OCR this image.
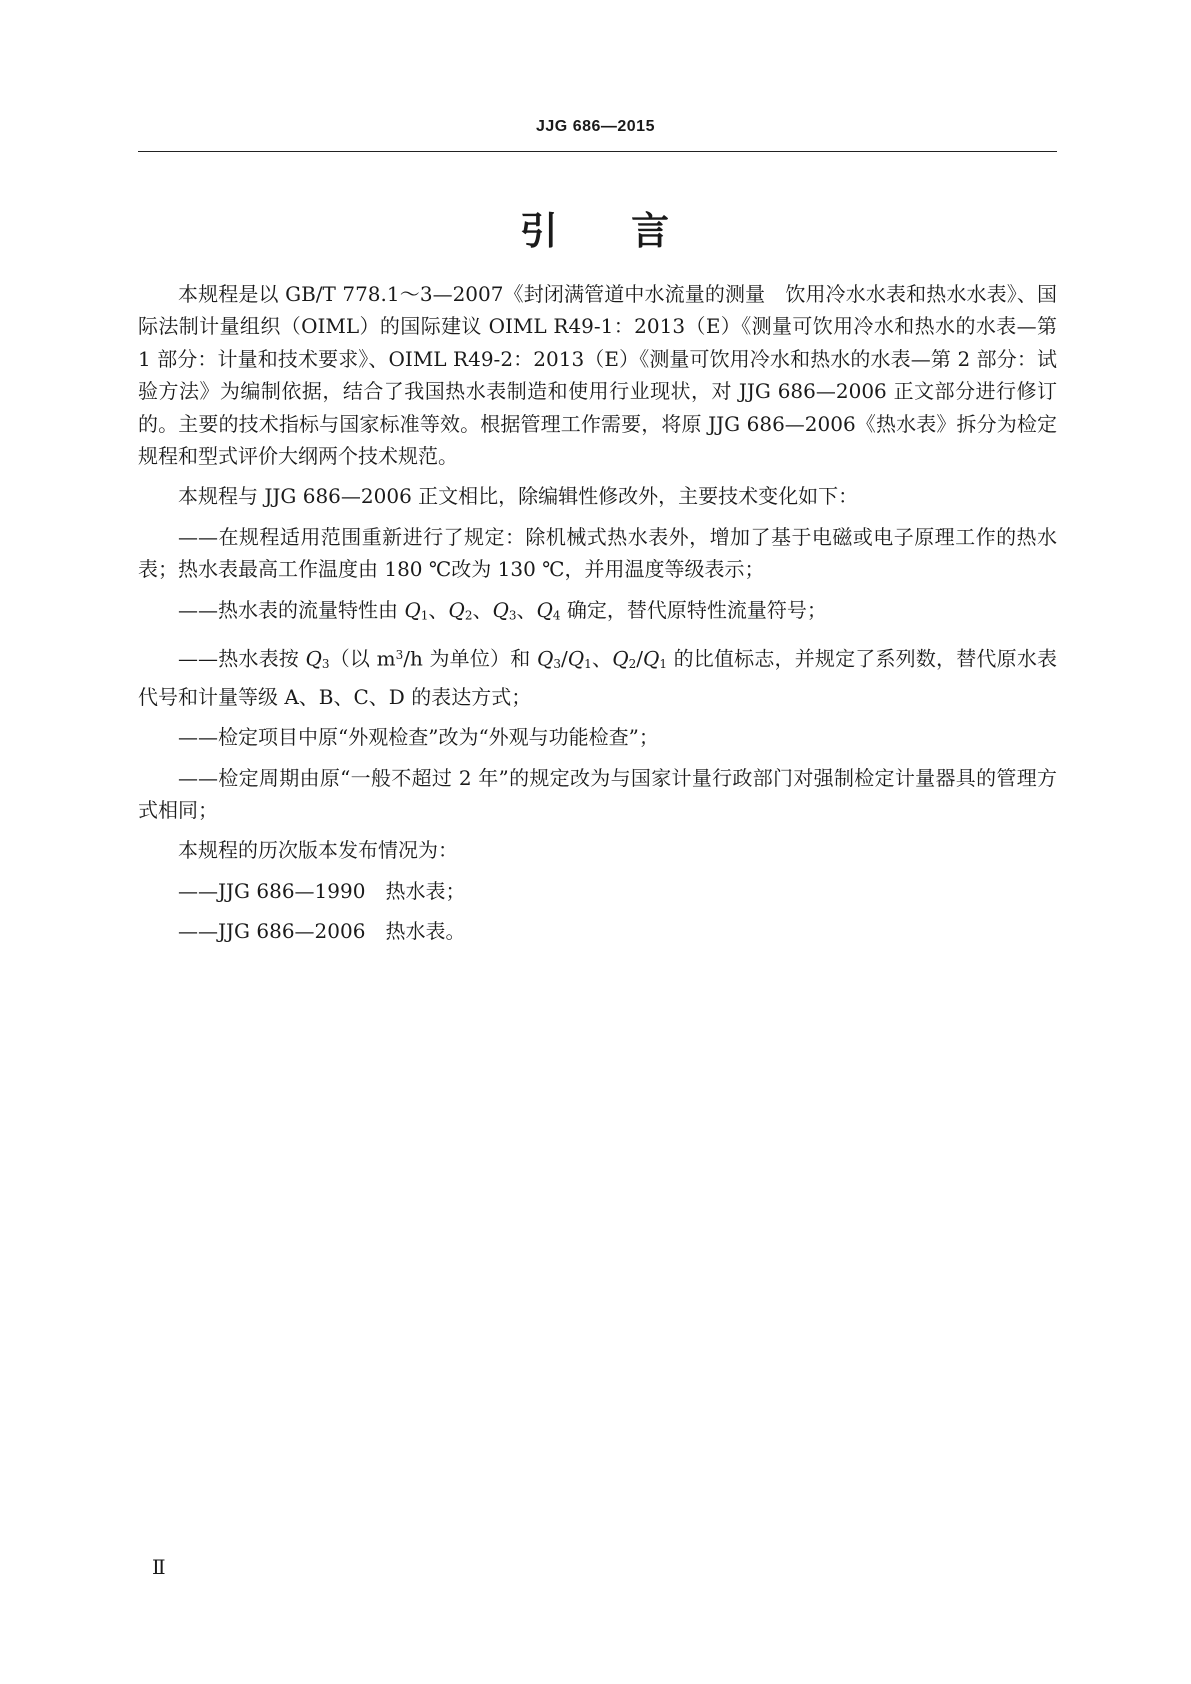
JJG 686—2015
引 言

本规程是以 GB/T 778.1～3—2007《封闭满管道中水流量的测量　饮用冷水水表和热水水表》、国际法制计量组织（OIML）的国际建议 OIML R49-1：2013（E）《测量可饮用冷水和热水的水表—第 1 部分：计量和技术要求》、OIML R49-2：2013（E）《测量可饮用冷水和热水的水表—第 2 部分：试验方法》为编制依据，结合了我国热水表制造和使用行业现状，对 JJG 686—2006 正文部分进行修订的。主要的技术指标与国家标准等效。根据管理工作需要，将原 JJG 686—2006《热水表》拆分为检定规程和型式评价大纲两个技术规范。

本规程与 JJG 686—2006 正文相比，除编辑性修改外，主要技术变化如下：

——在规程适用范围重新进行了规定：除机械式热水表外，增加了基于电磁或电子原理工作的热水表；热水表最高工作温度由 180 ℃改为 130 ℃，并用温度等级表示；

——热水表的流量特性由 Q1、Q2、Q3、Q4 确定，替代原特性流量符号；

——热水表按 Q3（以 $m^3/h$ 为单位）和 Q3/Q1、Q2/Q1 的比值标志，并规定了系列数，替代原水表代号和计量等级 A、B、C、D 的表达方式；

——检定项目中原“外观检查”改为“外观与功能检查”；

——检定周期由原“一般不超过 2 年”的规定改为与国家计量行政部门对强制检定计量器具的管理方式相同；

本规程的历次版本发布情况为：

——JJG 686—1990　热水表；

——JJG 686—2006　热水表。

Ⅱ
